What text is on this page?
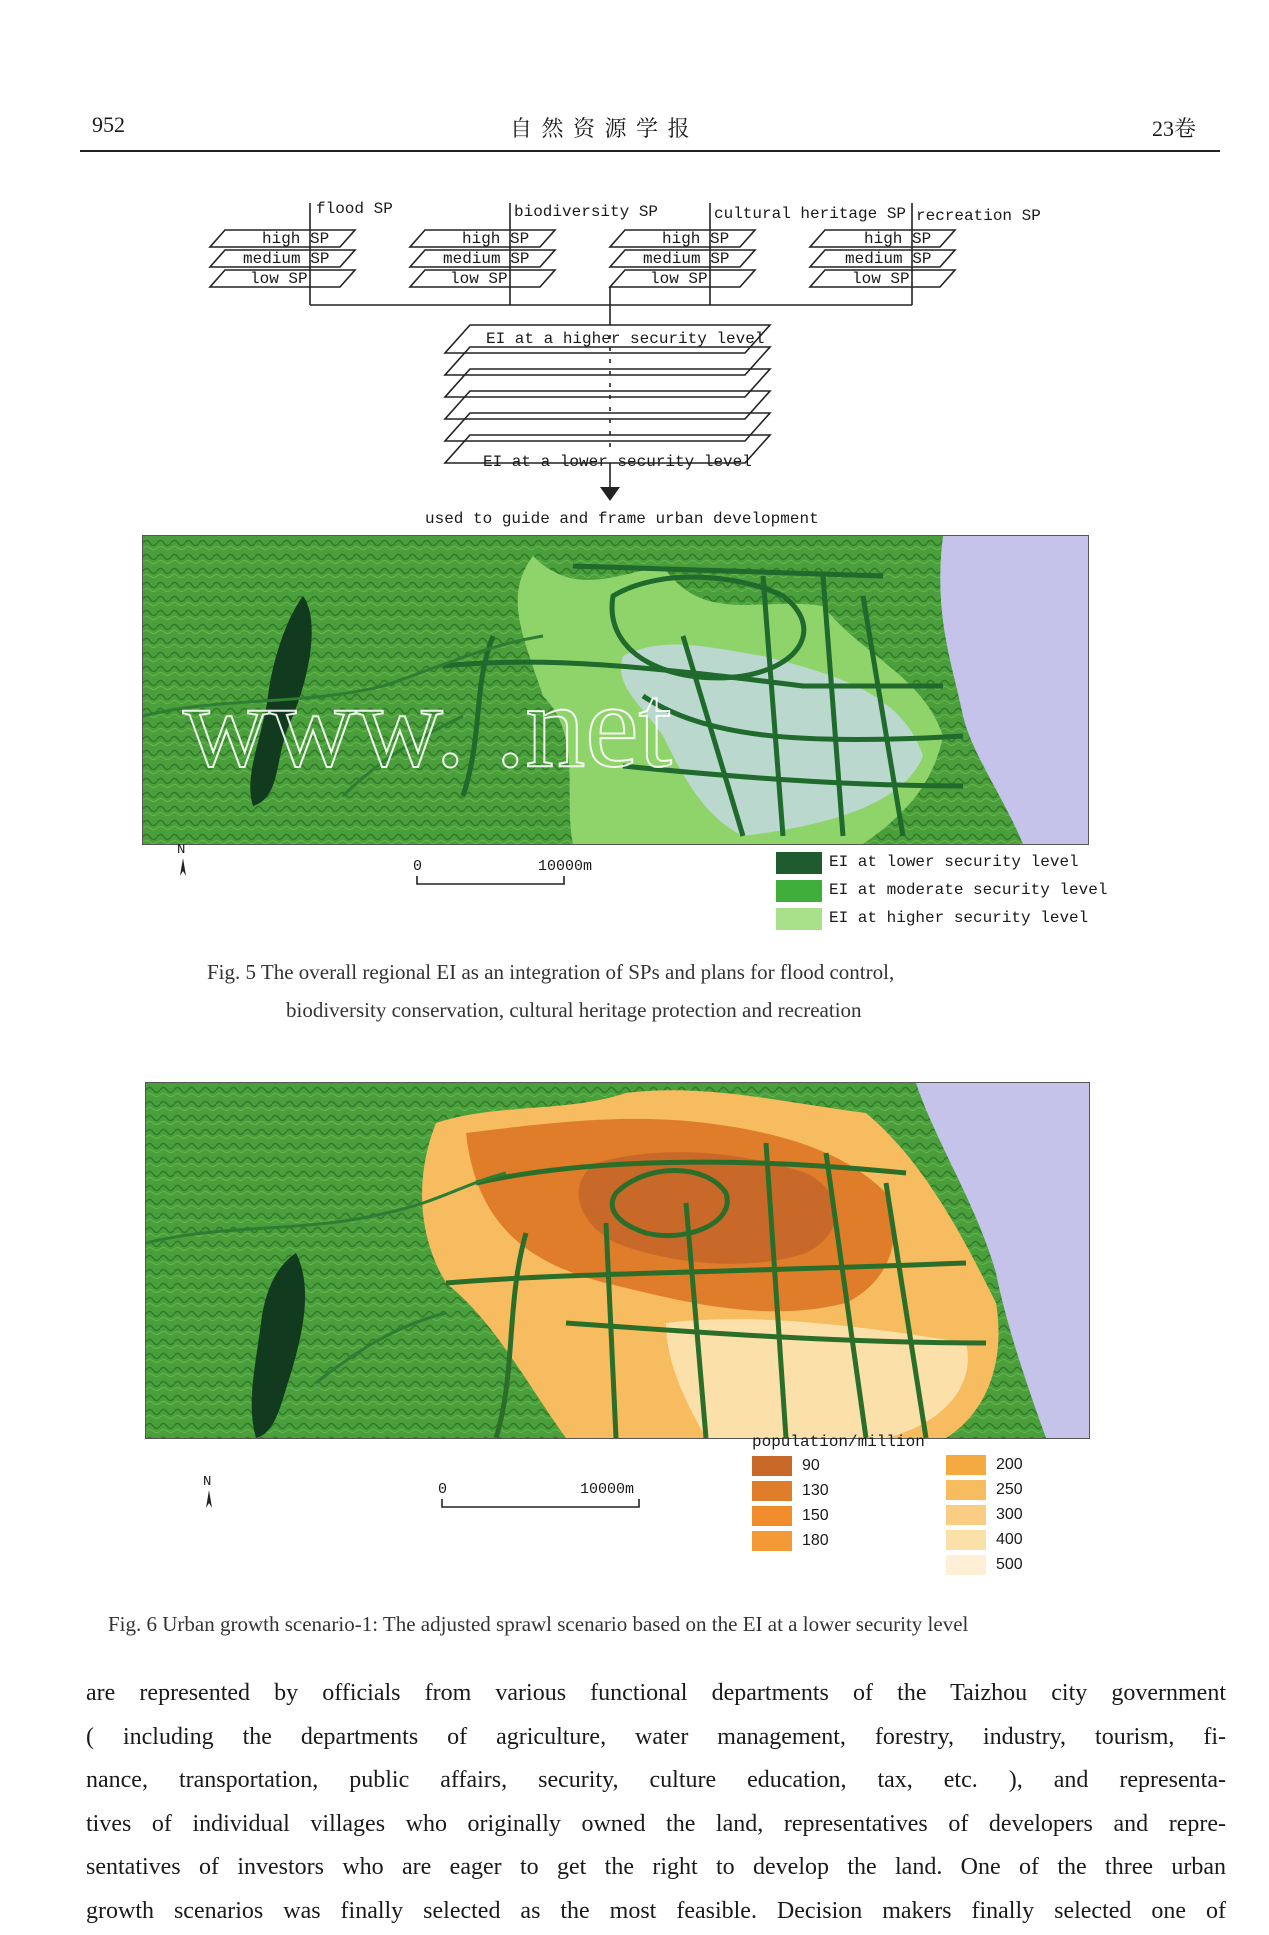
952	自 然 资 源 学 报	23卷
flood SP
high SP
medium SP
low SP
biodiversity SP
high SP
medium SP
low SP
cultural heritage SP
high SP
medium SP
low SP
recreation SP
high SP
medium SP
low SP
EI at a higher security level
EI at a lower security level
used to guide and frame urban development
www. .net
N
0	10000m	EI at lower security level
EI at moderate security level
EI at higher security level
Fig. 5 The overall regional EI as an integration of SPs and plans for flood control,
biodiversity conservation, cultural heritage protection and recreation
N	0	10000m
population/million
90
130
150
180
200
250
300
400
500
Fig. 6 Urban growth scenario-1: The adjusted sprawl scenario based on the EI at a lower security level
are represented by officials from various functional departments of the Taizhou city government
( including the departments of agriculture, water management, forestry, industry, tourism, fi-
nance, transportation, public affairs, security, culture education, tax, etc. ), and representa-
tives of individual villages who originally owned the land, representatives of developers and repre-
sentatives of investors who are eager to get the right to develop the land. One of the three urban
growth scenarios was finally selected as the most feasible. Decision makers finally selected one of
